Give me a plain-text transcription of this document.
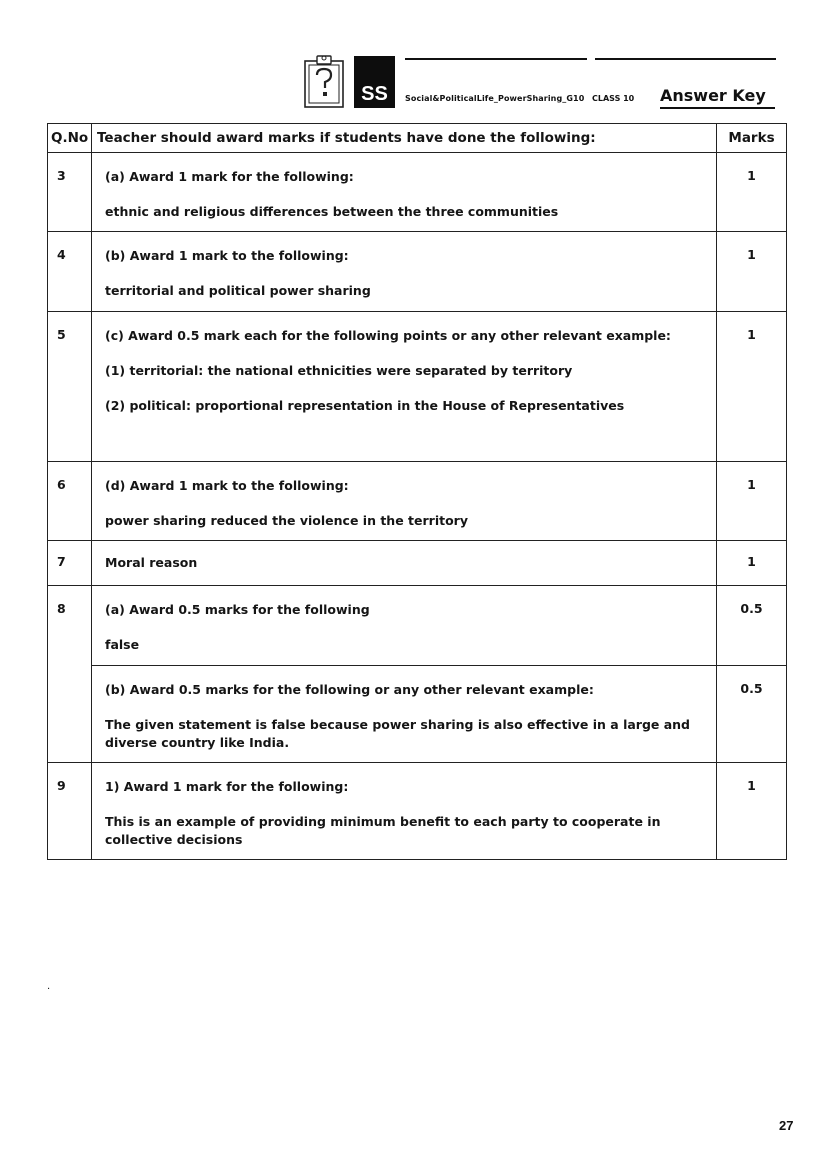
SS	Social&PoliticalLife_PowerSharing_G10 CLASS 10 Answer Key
Q.No	Teacher should award marks if students have done the following:	Marks
3	(a) Award 1 mark for the following:

ethnic and religious differences between the three communities	1
4	(b) Award 1 mark to the following:

territorial and political power sharing	1
5	(c) Award 0.5 mark each for the following points or any other relevant example:

(1) territorial: the national ethnicities were separated by territory

(2) political: proportional representation in the House of Representatives	1
6	(d) Award 1 mark to the following:

power sharing reduced the violence in the territory	1
7	Moral reason	1
8	(a) Award 0.5 marks for the following

false	0.5

	(b) Award 0.5 marks for the following or any other relevant example:

The given statement is false because power sharing is also effective in a large and diverse country like India.	0.5
9	1) Award 1 mark for the following:

This is an example of providing minimum benefit to each party to cooperate in collective decisions	1
.
27
